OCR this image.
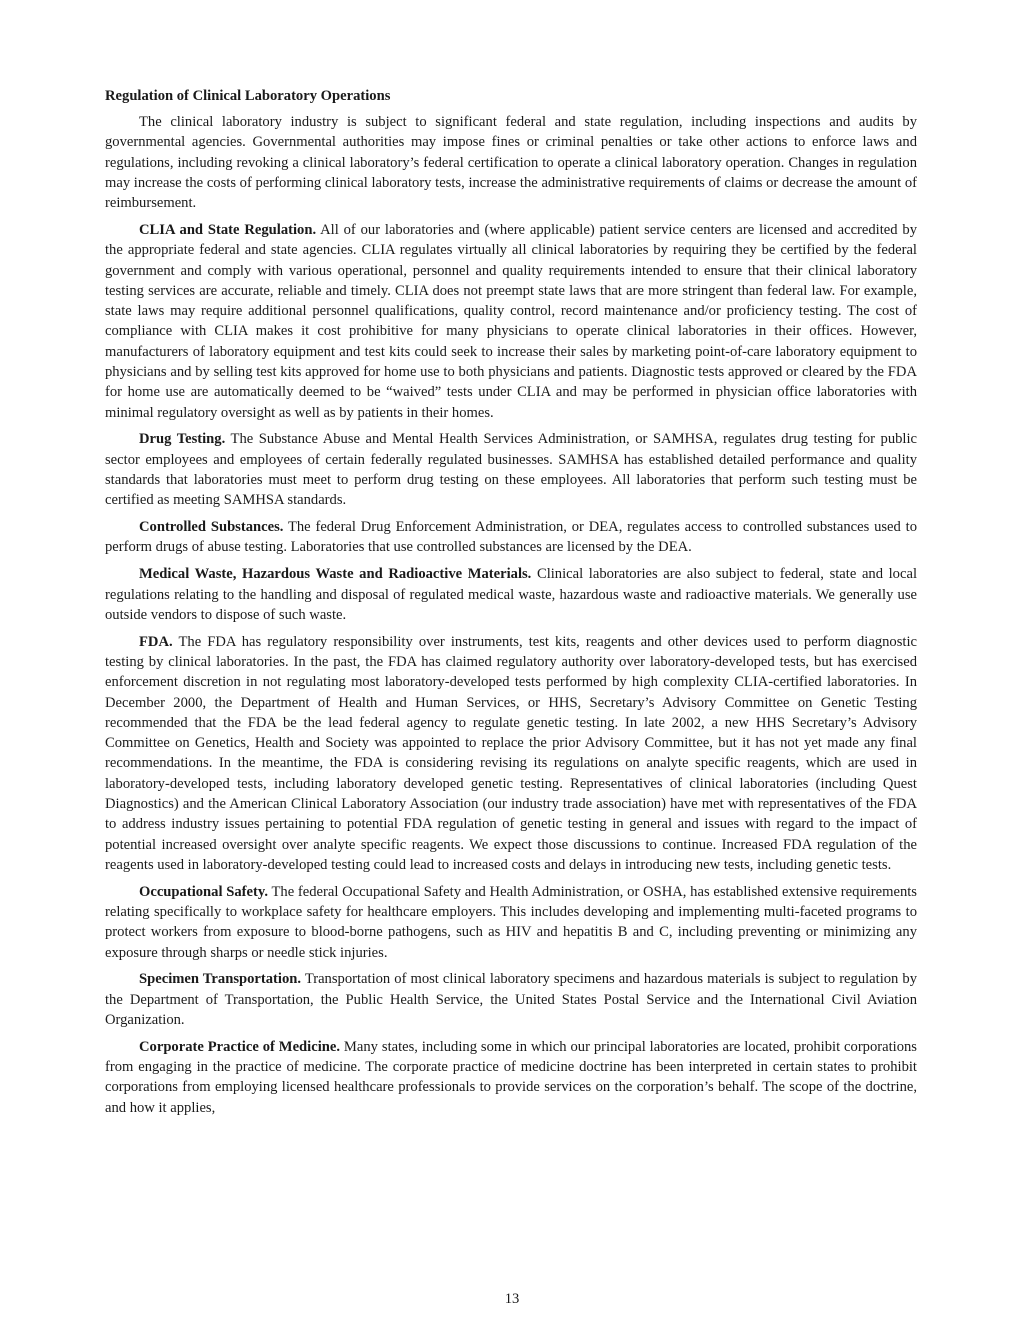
Regulation of Clinical Laboratory Operations

The clinical laboratory industry is subject to significant federal and state regulation, including inspections and audits by governmental agencies. Governmental authorities may impose fines or criminal penalties or take other actions to enforce laws and regulations, including revoking a clinical laboratory’s federal certification to operate a clinical laboratory operation. Changes in regulation may increase the costs of performing clinical laboratory tests, increase the administrative requirements of claims or decrease the amount of reimbursement.

CLIA and State Regulation. All of our laboratories and (where applicable) patient service centers are licensed and accredited by the appropriate federal and state agencies. CLIA regulates virtually all clinical laboratories by requiring they be certified by the federal government and comply with various operational, personnel and quality requirements intended to ensure that their clinical laboratory testing services are accurate, reliable and timely. CLIA does not preempt state laws that are more stringent than federal law. For example, state laws may require additional personnel qualifications, quality control, record maintenance and/or proficiency testing. The cost of compliance with CLIA makes it cost prohibitive for many physicians to operate clinical laboratories in their offices. However, manufacturers of laboratory equipment and test kits could seek to increase their sales by marketing point-of-care laboratory equipment to physicians and by selling test kits approved for home use to both physicians and patients. Diagnostic tests approved or cleared by the FDA for home use are automatically deemed to be “waived” tests under CLIA and may be performed in physician office laboratories with minimal regulatory oversight as well as by patients in their homes.

Drug Testing. The Substance Abuse and Mental Health Services Administration, or SAMHSA, regulates drug testing for public sector employees and employees of certain federally regulated businesses. SAMHSA has established detailed performance and quality standards that laboratories must meet to perform drug testing on these employees. All laboratories that perform such testing must be certified as meeting SAMHSA standards.

Controlled Substances. The federal Drug Enforcement Administration, or DEA, regulates access to controlled substances used to perform drugs of abuse testing. Laboratories that use controlled substances are licensed by the DEA.

Medical Waste, Hazardous Waste and Radioactive Materials. Clinical laboratories are also subject to federal, state and local regulations relating to the handling and disposal of regulated medical waste, hazardous waste and radioactive materials. We generally use outside vendors to dispose of such waste.

FDA. The FDA has regulatory responsibility over instruments, test kits, reagents and other devices used to perform diagnostic testing by clinical laboratories. In the past, the FDA has claimed regulatory authority over laboratory-developed tests, but has exercised enforcement discretion in not regulating most laboratory-developed tests performed by high complexity CLIA-certified laboratories. In December 2000, the Department of Health and Human Services, or HHS, Secretary’s Advisory Committee on Genetic Testing recommended that the FDA be the lead federal agency to regulate genetic testing. In late 2002, a new HHS Secretary’s Advisory Committee on Genetics, Health and Society was appointed to replace the prior Advisory Committee, but it has not yet made any final recommendations. In the meantime, the FDA is considering revising its regulations on analyte specific reagents, which are used in laboratory-developed tests, including laboratory developed genetic testing. Representatives of clinical laboratories (including Quest Diagnostics) and the American Clinical Laboratory Association (our industry trade association) have met with representatives of the FDA to address industry issues pertaining to potential FDA regulation of genetic testing in general and issues with regard to the impact of potential increased oversight over analyte specific reagents. We expect those discussions to continue. Increased FDA regulation of the reagents used in laboratory-developed testing could lead to increased costs and delays in introducing new tests, including genetic tests.

Occupational Safety. The federal Occupational Safety and Health Administration, or OSHA, has established extensive requirements relating specifically to workplace safety for healthcare employers. This includes developing and implementing multi-faceted programs to protect workers from exposure to blood-borne pathogens, such as HIV and hepatitis B and C, including preventing or minimizing any exposure through sharps or needle stick injuries.

Specimen Transportation. Transportation of most clinical laboratory specimens and hazardous materials is subject to regulation by the Department of Transportation, the Public Health Service, the United States Postal Service and the International Civil Aviation Organization.

Corporate Practice of Medicine. Many states, including some in which our principal laboratories are located, prohibit corporations from engaging in the practice of medicine. The corporate practice of medicine doctrine has been interpreted in certain states to prohibit corporations from employing licensed healthcare professionals to provide services on the corporation’s behalf. The scope of the doctrine, and how it applies,

13
